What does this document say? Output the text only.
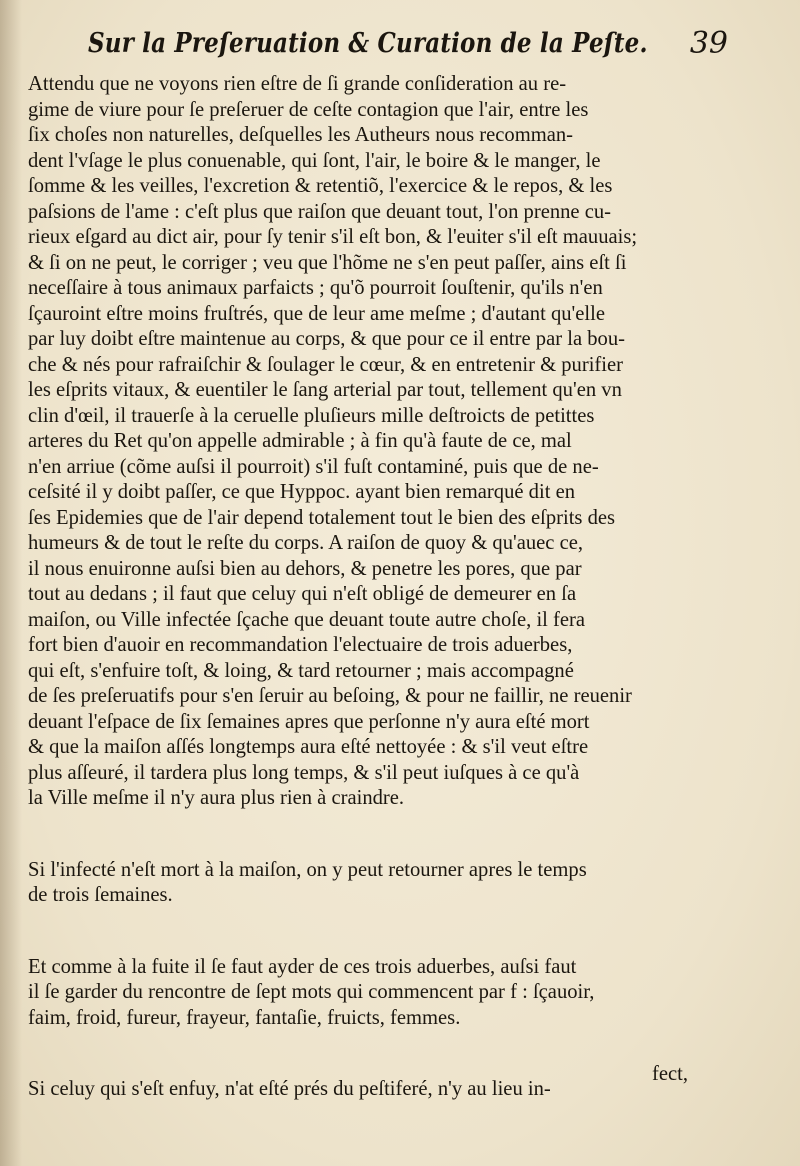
Sur la Preſeruation & Curation de la Peſte. 39

Attendu que ne voyons rien eſtre de ſi grande conſideration au re-
gime de viure pour ſe preſeruer de ceſte contagion que l'air, entre les
ſix choſes non naturelles, deſquelles les Autheurs nous recomman-
dent l'vſage le plus conuenable, qui ſont, l'air, le boire & le manger, le
ſomme & les veilles, l'excretion & retentiõ, l'exercice & le repos, & les
paſsions de l'ame : c'eſt plus que raiſon que deuant tout, l'on prenne cu-
rieux eſgard au dict air, pour ſy tenir s'il eſt bon, & l'euiter s'il eſt mauuais;
& ſi on ne peut, le corriger ; veu que l'hõme ne s'en peut paſſer, ains eſt ſi
neceſſaire à tous animaux parfaicts ; qu'õ pourroit ſouſtenir, qu'ils n'en
ſçauroint eſtre moins fruſtrés, que de leur ame meſme ; d'autant qu'elle
par luy doibt eſtre maintenue au corps, & que pour ce il entre par la bou-
che & nés pour rafraiſchir & ſoulager le cœur, & en entretenir & purifier
les eſprits vitaux, & euentiler le ſang arterial par tout, tellement qu'en vn
clin d'œil, il trauerſe à la ceruelle pluſieurs mille deſtroicts de petittes
arteres du Ret qu'on appelle admirable ; à fin qu'à faute de ce, mal
n'en arriue (cõme auſsi il pourroit) s'il fuſt contaminé, puis que de ne-
ceſsité il y doibt paſſer, ce que Hyppoc. ayant bien remarqué dit en
ſes Epidemies que de l'air depend totalement tout le bien des eſprits des
humeurs & de tout le reſte du corps. A raiſon de quoy & qu'auec ce,
il nous enuironne auſsi bien au dehors, & penetre les pores, que par
tout au dedans ; il faut que celuy qui n'eſt obligé de demeurer en ſa
maiſon, ou Ville infectée ſçache que deuant toute autre choſe, il fera
fort bien d'auoir en recommandation l'electuaire de trois aduerbes,
qui eſt, s'enfuire toſt, & loing, & tard retourner ; mais accompagné
de ſes preſeruatifs pour s'en ſeruir au beſoing, & pour ne faillir, ne reuenir
deuant l'eſpace de ſix ſemaines apres que perſonne n'y aura eſté mort
& que la maiſon aſſés longtemps aura eſté nettoyée : & s'il veut eſtre
plus aſſeuré, il tardera plus long temps, & s'il peut iuſques à ce qu'à
la Ville meſme il n'y aura plus rien à craindre.

Si l'infecté n'eſt mort à la maiſon, on y peut retourner apres le temps
de trois ſemaines.

Et comme à la fuite il ſe faut ayder de ces trois aduerbes, auſsi faut
il ſe garder du rencontre de ſept mots qui commencent par f : ſçauoir,
faim, froid, fureur, frayeur, fantaſie, fruicts, femmes.

Si celuy qui s'eſt enfuy, n'at eſté prés du peſtiferé, n'y au lieu in-

fect,
